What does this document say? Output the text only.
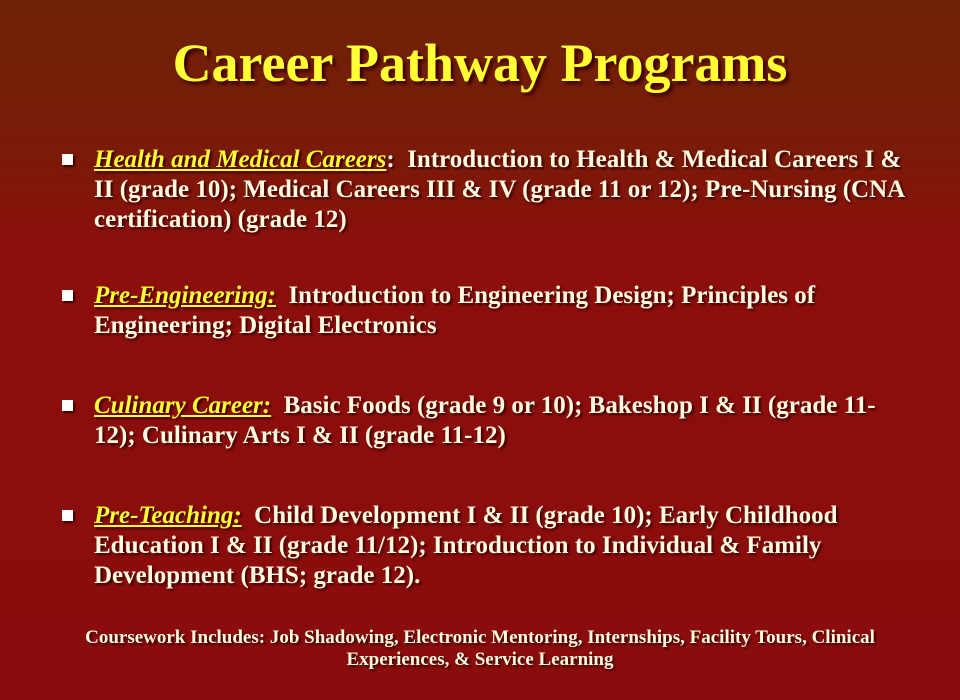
Career Pathway Programs
Health and Medical Careers:  Introduction to Health & Medical Careers I & II (grade 10); Medical Careers III & IV (grade 11 or 12); Pre-Nursing (CNA certification) (grade 12)
Pre-Engineering: Introduction to Engineering Design; Principles of Engineering; Digital Electronics
Culinary Career: Basic Foods (grade 9 or 10); Bakeshop I & II (grade 11-12); Culinary Arts I & II (grade 11-12)
Pre-Teaching: Child Development I & II (grade 10); Early Childhood Education I & II (grade 11/12); Introduction to Individual & Family Development (BHS; grade 12).

Coursework Includes: Job Shadowing, Electronic Mentoring, Internships, Facility Tours, Clinical Experiences, & Service Learning
